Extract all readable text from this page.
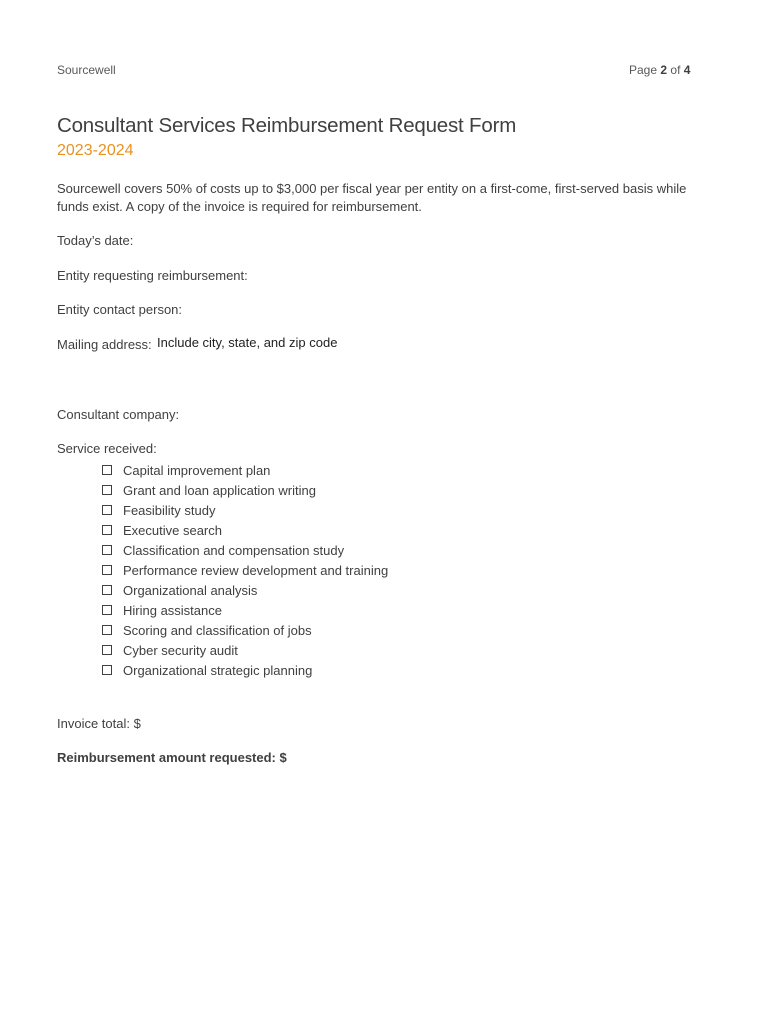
Sourcewell	Page 2 of 4
Consultant Services Reimbursement Request Form
2023-2024
Sourcewell covers 50% of costs up to $3,000 per fiscal year per entity on a first-come, first-served basis while funds exist. A copy of the invoice is required for reimbursement.
Today’s date:
Entity requesting reimbursement:
Entity contact person:
Mailing address: Include city, state, and zip code
Consultant company:
Service received:
Capital improvement plan
Grant and loan application writing
Feasibility study
Executive search
Classification and compensation study
Performance review development and training
Organizational analysis
Hiring assistance
Scoring and classification of jobs
Cyber security audit
Organizational strategic planning
Invoice total: $
Reimbursement amount requested: $
